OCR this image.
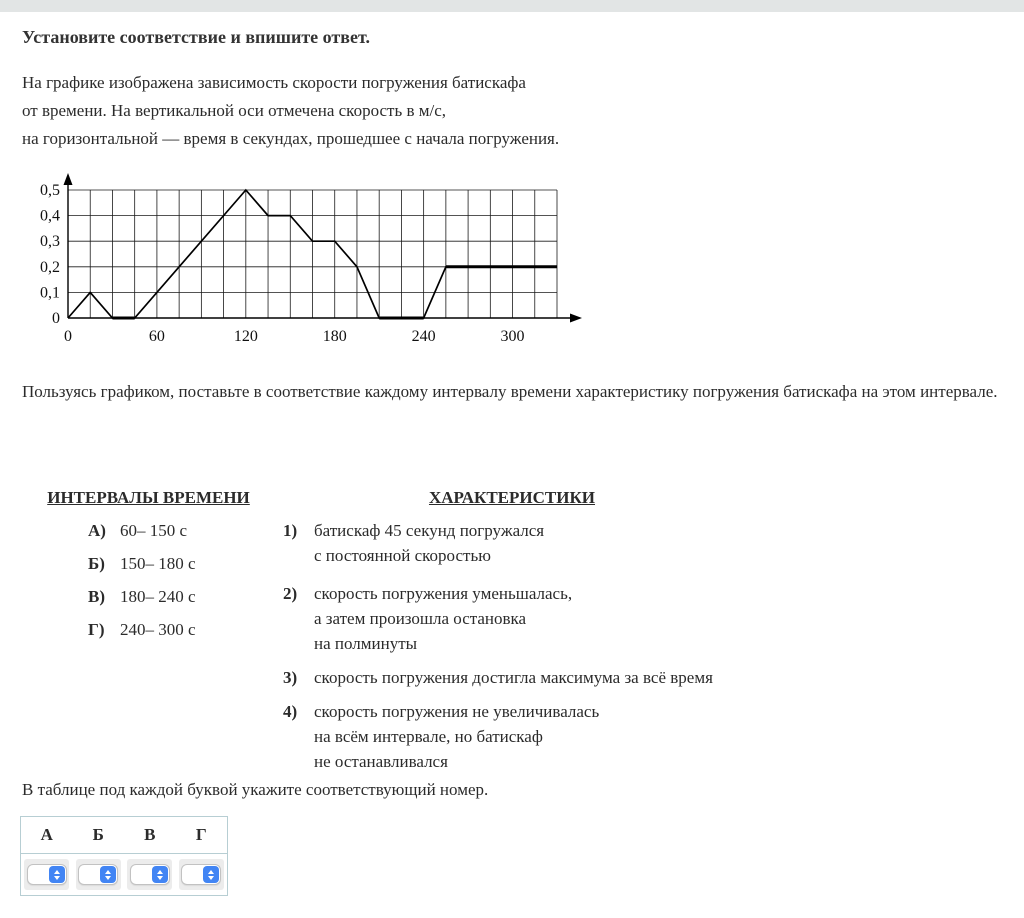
Установите соответствие и впишите ответ.
На графике изображена зависимость скорости погружения батискафа
от времени. На вертикальной оси отмечена скорость в м/с,
на горизонтальной — время в секундах, прошедшее с начала погружения.
0	60	120	180	240	300
0,5
0,4
0,3
0,2
0,1
0
Пользуясь графиком, поставьте в соответствие каждому интервалу времени характеристику погружения батискафа на этом интервале.
ИНТЕРВАЛЫ ВРЕМЕНИ	ХАРАКТЕРИСТИКИ
А) 60– 150 с
Б) 150– 180 с
В) 180– 240 с
Г) 240– 300 с
1) батискаф 45 секунд погружался
с постоянной скоростью
2) скорость погружения уменьшалась,
а затем произошла остановка
на полминуты
3) скорость погружения достигла максимума за всё время
4) скорость погружения не увеличивалась
на всём интервале, но батискаф
не останавливался
В таблице под каждой буквой укажите соответствующий номер.
А	Б	В	Г
